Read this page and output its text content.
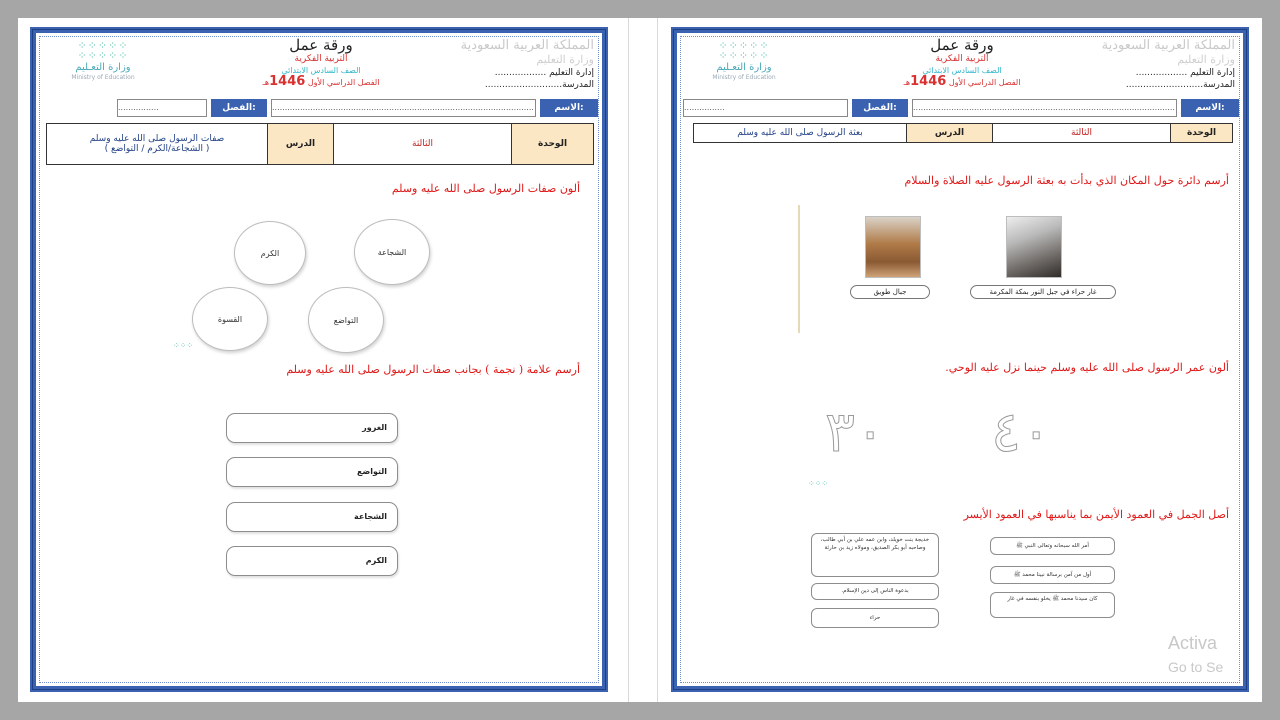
المملكة العربية السعودية
وزارة التعليم
إدارة التعليم ..................
المدرسة...........................
ورقة عمل
التربية الفكرية
الصف السادس الابتدائي
الفصل الدراسي الأول 1446هـ
⁘⁘⁘⁘⁘
⁘⁘⁘⁘⁘
وزارة التعـليم
Ministry of Education
الاسم:
.......................................................................................................
الفصل:
................
الوحدة	الثالثة	الدرس	
صفات الرسول صلى الله عليه وسلم
( الشجاعة/الكرم / التواضع )
ألون صفات الرسول صلى الله عليه وسلم
الكرم	الشجاعة
القسوة	التواضع
⁘⁘⁘
أرسم علامة ( نجمة ) بجانب صفات الرسول صلى الله عليه وسلم
الغرور
التواضع
الشجاعة
الكرم
المملكة العربية السعودية
وزارة التعليم
إدارة التعليم ..................
المدرسة...........................
ورقة عمل
التربية الفكرية
الصف السادس الابتدائي
الفصل الدراسي الأول 1446هـ
⁘⁘⁘⁘⁘
⁘⁘⁘⁘⁘
وزارة التعـليم
Ministry of Education
الاسم:
.......................................................................................................
الفصل:
................
الوحدة	الثالثة	الدرس	بعثة الرسول صلى الله عليه وسلم
أرسم دائرة حول المكان الذي بدأت به بعثة الرسول عليه الصلاة والسلام
غار حراء في جبل النور بمكة المكرمة
جبال طويق
ألون عمر الرسول صلى الله عليه وسلم حينما نزل عليه الوحي.
٣٠ ٤٠
⁘⁘⁘
أصل الجمل في العمود الأيمن بما يناسبها في العمود الأيسر
خديجة بنت خويلد، وابن عمه علي بن أبي طالب، وصاحبه أبو بكر الصديق، ومولاه زيد بن حارثة
بدعوة الناس إلى دين الإسلام.
حراء
أمر الله سبحانه وتعالى النبي ﷺ
أول من آمن برسالة نبينا محمد ﷺ
كان سيدنا محمد ﷺ يخلو بنفسه في غار
Activa
Go to Se
